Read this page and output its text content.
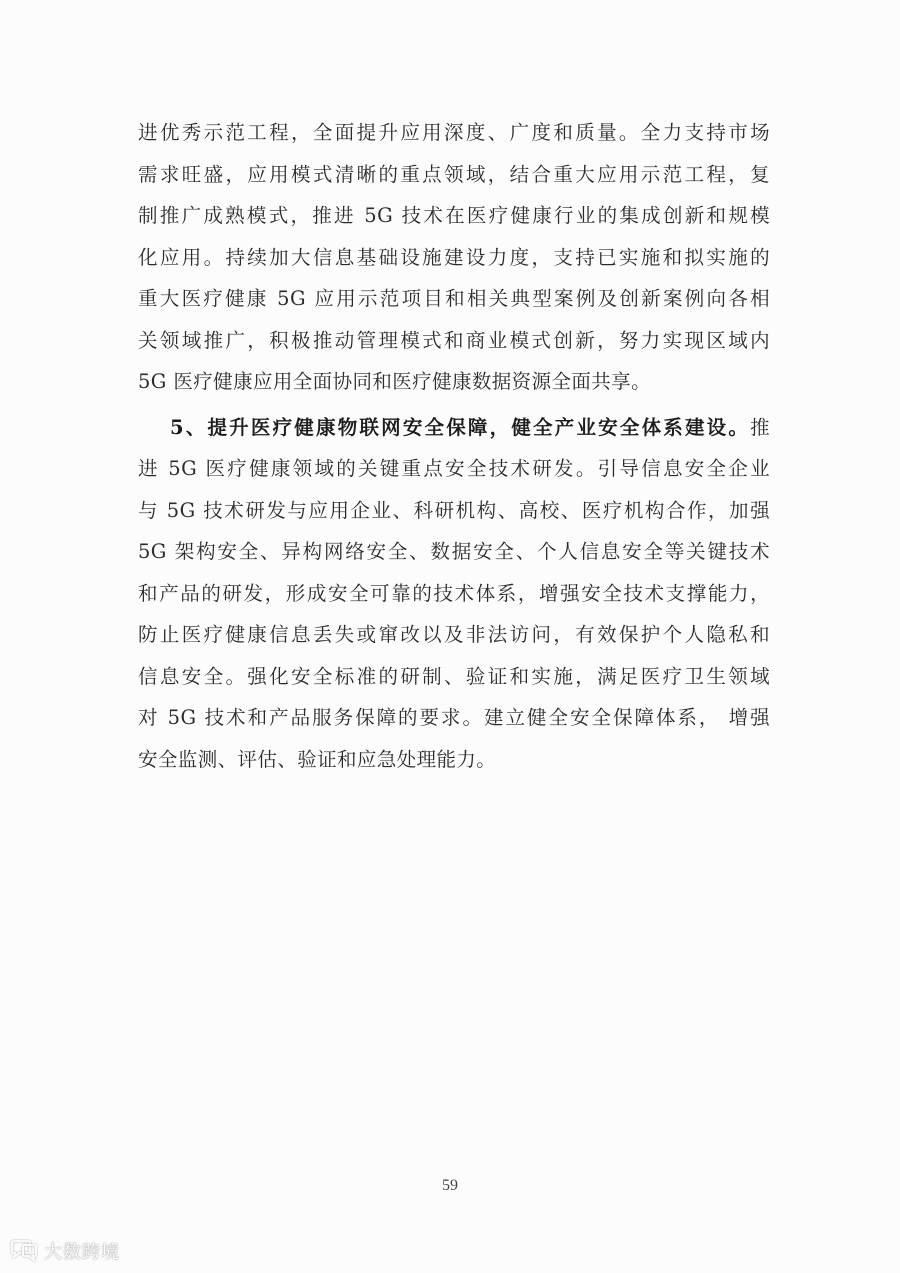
进优秀示范工程，全面提升应用深度、广度和质量。全力支持市场
需求旺盛，应用模式清晰的重点领域，结合重大应用示范工程，复
制推广成熟模式，推进 5G 技术在医疗健康行业的集成创新和规模
化应用。持续加大信息基础设施建设力度，支持已实施和拟实施的
重大医疗健康 5G 应用示范项目和相关典型案例及创新案例向各相
关领域推广，积极推动管理模式和商业模式创新，努力实现区域内
5G 医疗健康应用全面协同和医疗健康数据资源全面共享。
5、提升医疗健康物联网安全保障，健全产业安全体系建设。推
进 5G 医疗健康领域的关键重点安全技术研发。引导信息安全企业
与 5G 技术研发与应用企业、科研机构、高校、医疗机构合作，加强
5G 架构安全、异构网络安全、数据安全、个人信息安全等关键技术
和产品的研发，形成安全可靠的技术体系，增强安全技术支撑能力，
防止医疗健康信息丢失或窜改以及非法访问，有效保护个人隐私和
信息安全。强化安全标准的研制、验证和实施，满足医疗卫生领域
对 5G 技术和产品服务保障的要求。建立健全安全保障体系， 增强
安全监测、评估、验证和应急处理能力。
59
大数跨境
